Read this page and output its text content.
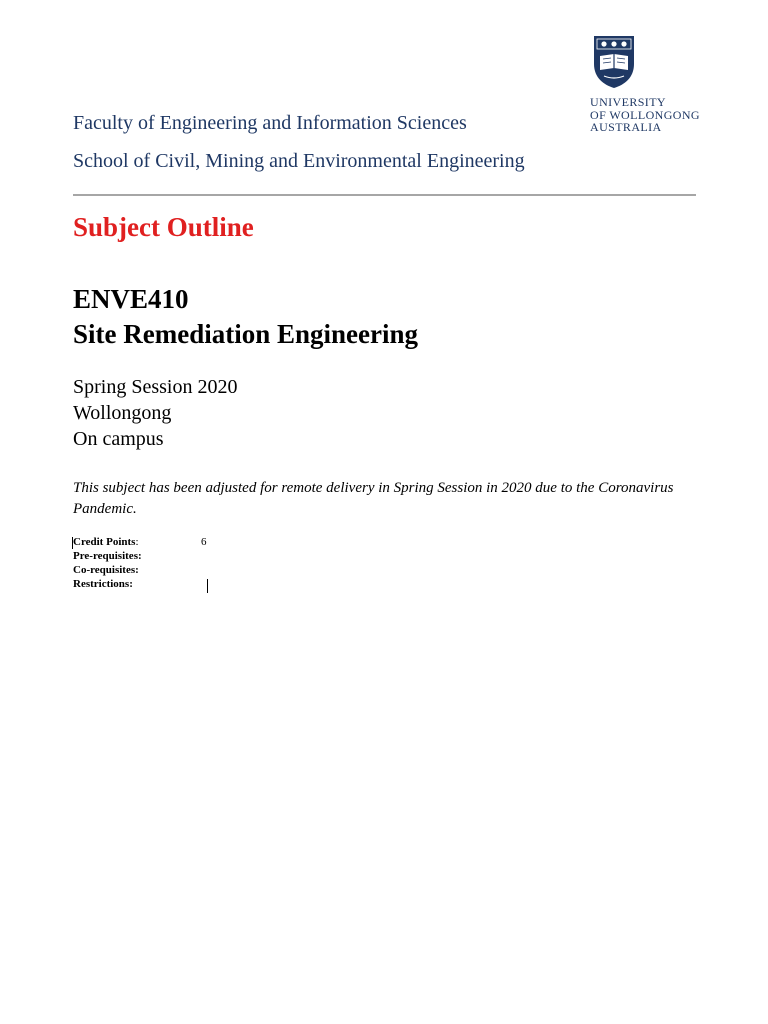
UNIVERSITY
OF WOLLONGONG
AUSTRALIA
Faculty of Engineering and Information Sciences
School of Civil, Mining and Environmental Engineering
Subject Outline
ENVE410
Site Remediation Engineering
Spring Session 2020
Wollongong
On campus
This subject has been adjusted for remote delivery in Spring Session in 2020 due to the Coronavirus Pandemic.
Credit Points:	6
Pre-requisites:
Co-requisites:
Restrictions:
